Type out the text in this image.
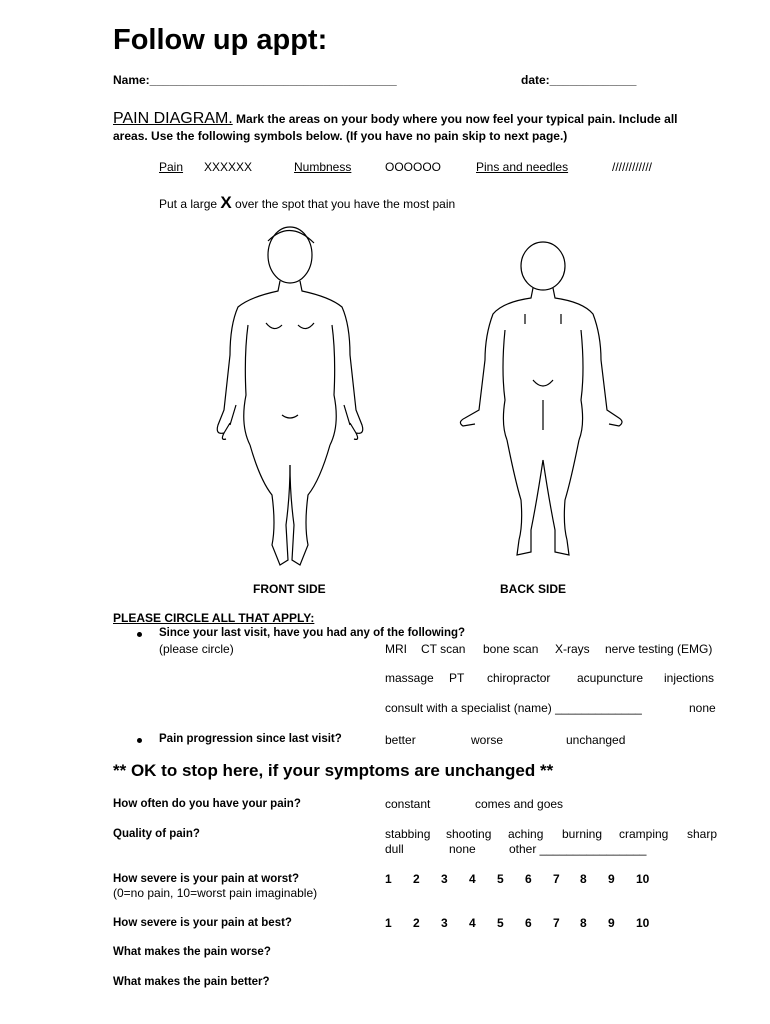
Follow up appt:
Name:_____________________________________	date:_____________
PAIN DIAGRAM. Mark the areas on your body where you now feel your typical pain. Include all areas. Use the following symbols below. (If you have no pain skip to next page.)
Pain XXXXXX	Numbness	OOOOOO	Pins and needles	////////////
Put a large X over the spot that you have the most pain
FRONT SIDE	BACK SIDE
PLEASE CIRCLE ALL THAT APPLY:
Since your last visit, have you had any of the following?
(please circle)	MRI CT scan bone scan X-rays nerve testing (EMG)
massage PT chiropractor acupuncture injections
consult with a specialist (name) _____________	none
Pain progression since last visit?	better	worse	unchanged
** OK to stop here, if your symptoms are unchanged **
How often do you have your pain?	constant	comes and goes
Quality of pain?	stabbing shooting aching burning cramping sharp
dull	none	other ________________
How severe is your pain at worst?
(0=no pain, 10=worst pain imaginable)
1 2 3 4 5 6 7 8 9 10
How severe is your pain at best?	1 2 3 4 5 6 7 8 9 10
What makes the pain worse?
What makes the pain better?
